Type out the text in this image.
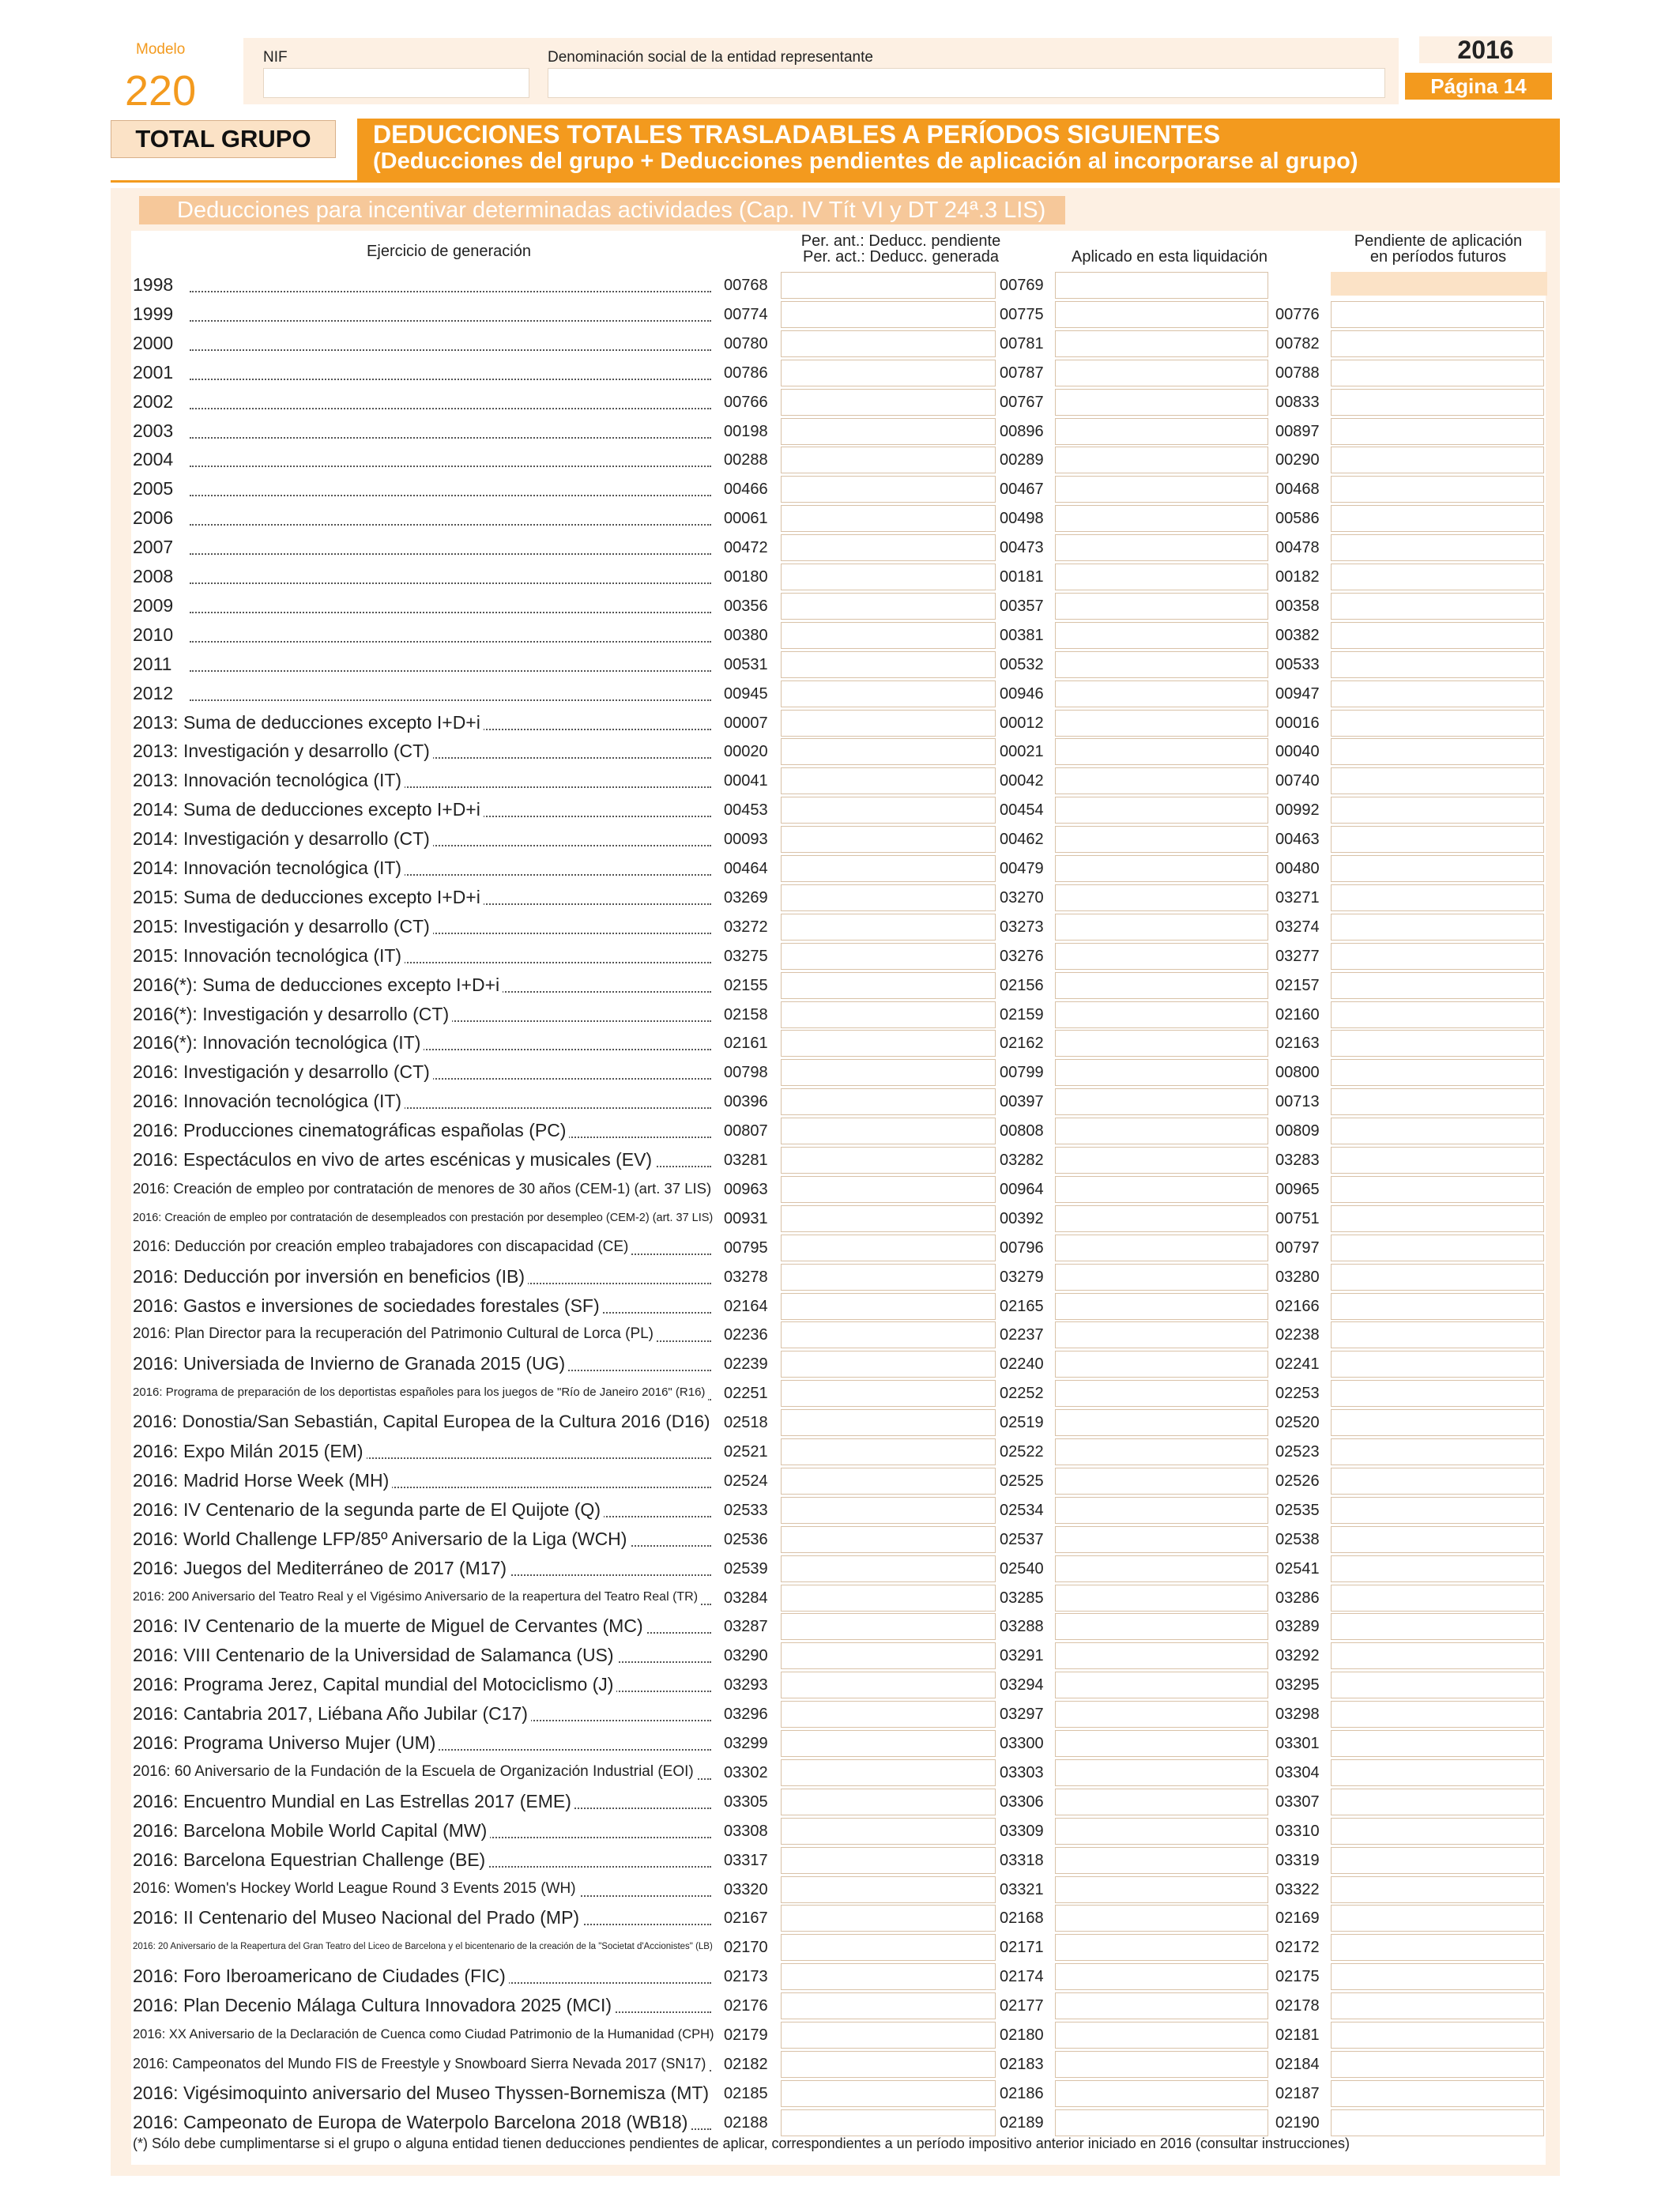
Modelo
220
NIF	Denominación social de la entidad representante	2016
Página 14
TOTAL GRUPO	DEDUCCIONES TOTALES TRASLADABLES A PERÍODOS SIGUIENTES
(Deducciones del grupo + Deducciones pendientes de aplicación al incorporarse al grupo)
Deducciones para incentivar determinadas actividades (Cap. IV Tít VI y DT 24ª.3 LIS)
Ejercicio de generación
Per. ant.: Deducc. pendiente
Per. act.: Deducc. generada	Aplicado en esta liquidación
Pendiente de aplicación
en períodos futuros
1998	00768	00769
1999	00774	00775	00776
2000	00780	00781	00782
2001	00786	00787	00788
2002	00766	00767	00833
2003	00198	00896	00897
2004	00288	00289	00290
2005	00466	00467	00468
2006	00061	00498	00586
2007	00472	00473	00478
2008	00180	00181	00182
2009	00356	00357	00358
2010	00380	00381	00382
2011	00531	00532	00533
2012	00945	00946	00947
2013: Suma de deducciones excepto I+D+i	00007	00012	00016
2013: Investigación y desarrollo (CT)	00020	00021	00040
2013: Innovación tecnológica (IT)	00041	00042	00740
2014: Suma de deducciones excepto I+D+i	00453	00454	00992
2014: Investigación y desarrollo (CT)	00093	00462	00463
2014: Innovación tecnológica (IT)	00464	00479	00480
2015: Suma de deducciones excepto I+D+i	03269	03270	03271
2015: Investigación y desarrollo (CT)	03272	03273	03274
2015: Innovación tecnológica (IT)	03275	03276	03277
2016(*): Suma de deducciones excepto I+D+i	02155	02156	02157
2016(*): Investigación y desarrollo (CT)	02158	02159	02160
2016(*): Innovación tecnológica (IT)	02161	02162	02163
2016: Investigación y desarrollo (CT)	00798	00799	00800
2016: Innovación tecnológica (IT)	00396	00397	00713
2016: Producciones cinematográficas españolas (PC)	00807	00808	00809
2016: Espectáculos en vivo de artes escénicas y musicales (EV)	03281	03282	03283
2016: Creación de empleo por contratación de menores de 30 años (CEM-1) (art. 37 LIS) 00963	00964	00965
2016: Creación de empleo por contratación de desempleados con prestación por desempleo (CEM-2) (art. 37 LIS) 00931	00392	00751
2016: Deducción por creación empleo trabajadores con discapacidad (CE)	00795	00796	00797
2016: Deducción por inversión en beneficios (IB)	03278	03279	03280
2016: Gastos e inversiones de sociedades forestales (SF)	02164	02165	02166
2016: Plan Director para la recuperación del Patrimonio Cultural de Lorca (PL)	02236	02237	02238
2016: Universiada de Invierno de Granada 2015 (UG)	02239	02240	02241
2016: Programa de preparación de los deportistas españoles para los juegos de "Río de Janeiro 2016" (R16) 02251	02252	02253
2016: Donostia/San Sebastián, Capital Europea de la Cultura 2016 (D16) 02518	02519	02520
2016: Expo Milán 2015 (EM)	02521	02522	02523
2016: Madrid Horse Week (MH)	02524	02525	02526
2016: IV Centenario de la segunda parte de El Quijote (Q)	02533	02534	02535
2016: World Challenge LFP/85º Aniversario de la Liga (WCH)	02536	02537	02538
2016: Juegos del Mediterráneo de 2017 (M17)	02539	02540	02541
2016: 200 Aniversario del Teatro Real y el Vigésimo Aniversario de la reapertura del Teatro Real (TR) 03284	03285	03286
2016: IV Centenario de la muerte de Miguel de Cervantes (MC)	03287	03288	03289
2016: VIII Centenario de la Universidad de Salamanca (US)	03290	03291	03292
2016: Programa Jerez, Capital mundial del Motociclismo (J)	03293	03294	03295
2016: Cantabria 2017, Liébana Año Jubilar (C17)	03296	03297	03298
2016: Programa Universo Mujer (UM)	03299	03300	03301
2016: 60 Aniversario de la Fundación de la Escuela de Organización Industrial (EOI) 03302	03303	03304
2016: Encuentro Mundial en Las Estrellas 2017 (EME)	03305	03306	03307
2016: Barcelona Mobile World Capital (MW)	03308	03309	03310
2016: Barcelona Equestrian Challenge (BE)	03317	03318	03319
2016: Women's Hockey World League Round 3 Events 2015 (WH)	03320	03321	03322
2016: II Centenario del Museo Nacional del Prado (MP)	02167	02168	02169
2016: 20 Aniversario de la Reapertura del Gran Teatro del Liceo de Barcelona y el bicentenario de la creación de la "Societat d'Accionistes" (LB) 02170	02171	02172
2016: Foro Iberoamericano de Ciudades (FIC)	02173	02174	02175
2016: Plan Decenio Málaga Cultura Innovadora 2025 (MCI)	02176	02177	02178
2016: XX Aniversario de la Declaración de Cuenca como Ciudad Patrimonio de la Humanidad (CPH) 02179	02180	02181
2016: Campeonatos del Mundo FIS de Freestyle y Snowboard Sierra Nevada 2017 (SN17) 02182	02183	02184
2016: Vigésimoquinto aniversario del Museo Thyssen-Bornemisza (MT) 02185	02186	02187
2016: Campeonato de Europa de Waterpolo Barcelona 2018 (WB18) 02188	02189	02190
(*) Sólo debe cumplimentarse si el grupo o alguna entidad tienen deducciones pendientes de aplicar, correspondientes a un período impositivo anterior iniciado en 2016 (consultar instrucciones)
